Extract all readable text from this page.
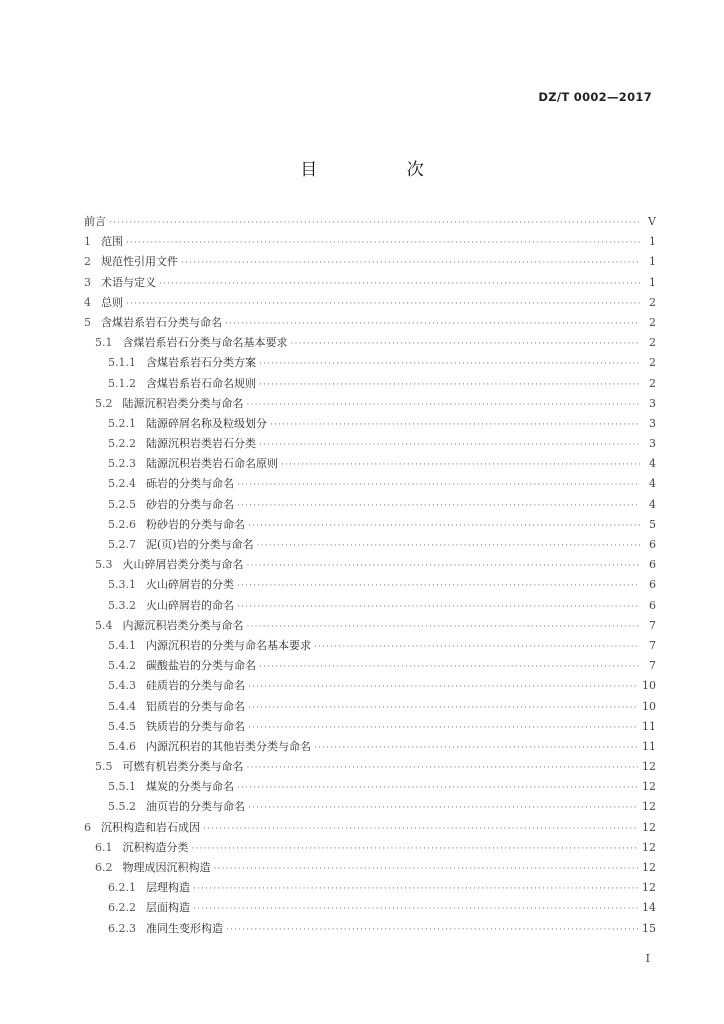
DZ/T 0002—2017
目 次
前言 ·····	Ⅴ
1 范围 ·····	1
2 规范性引用文件 ·····	1
3 术语与定义 ·····	1
4 总则 ·····	2
5 含煤岩系岩石分类与命名 ·····	2
5.1 含煤岩系岩石分类与命名基本要求 ·····	2
5.1.1 含煤岩系岩石分类方案 ·····	2
5.1.2 含煤岩系岩石命名规则 ·····	2
5.2 陆源沉积岩类分类与命名 ·····	3
5.2.1 陆源碎屑名称及粒级划分 ·····	3
5.2.2 陆源沉积岩类岩石分类 ·····	3
5.2.3 陆源沉积岩类岩石命名原则 ·····	4
5.2.4 砾岩的分类与命名 ·····	4
5.2.5 砂岩的分类与命名 ·····	4
5.2.6 粉砂岩的分类与命名 ·····	5
5.2.7 泥(页)岩的分类与命名 ·····	6
5.3 火山碎屑岩类分类与命名 ·····	6
5.3.1 火山碎屑岩的分类 ·····	6
5.3.2 火山碎屑岩的命名 ·····	6
5.4 内源沉积岩类分类与命名 ·····	7
5.4.1 内源沉积岩的分类与命名基本要求 ·····	7
5.4.2 碳酸盐岩的分类与命名 ·····	7
5.4.3 硅质岩的分类与命名 ·····	10
5.4.4 铝质岩的分类与命名 ·····	10
5.4.5 铁质岩的分类与命名 ·····	11
5.4.6 内源沉积岩的其他岩类分类与命名 ·····	11
5.5 可燃有机岩类分类与命名 ·····	12
5.5.1 煤炭的分类与命名 ·····	12
5.5.2 油页岩的分类与命名 ·····	12
6 沉积构造和岩石成因 ·····	12
6.1 沉积构造分类 ·····	12
6.2 物理成因沉积构造 ·····	12
6.2.1 层理构造 ·····	12
6.2.2 层面构造 ·····	14
6.2.3 准同生变形构造 ·····	15
I
